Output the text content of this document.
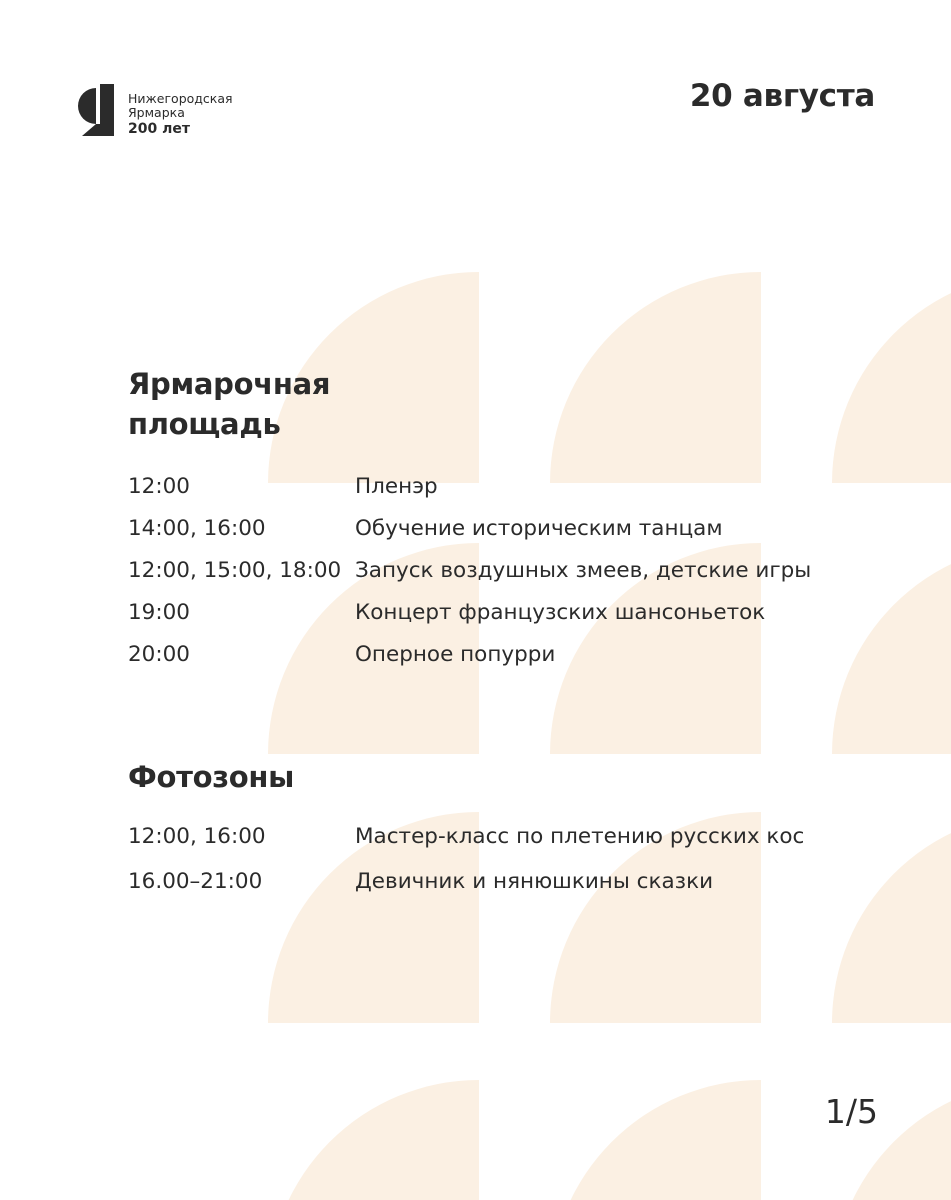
Нижегородская
Ярмарка
200 лет
20 августа
Ярмарочная
площадь
12:00	Пленэр
14:00, 16:00	Обучение историческим танцам
12:00, 15:00, 18:00 Запуск воздушных змеев, детские игры
19:00	Концерт французских шансоньеток
20:00	Оперное попурри
Фотозоны
12:00, 16:00	Мастер-класс по плетению русских кос
16.00–21:00	Девичник и нянюшкины сказки
1/5
